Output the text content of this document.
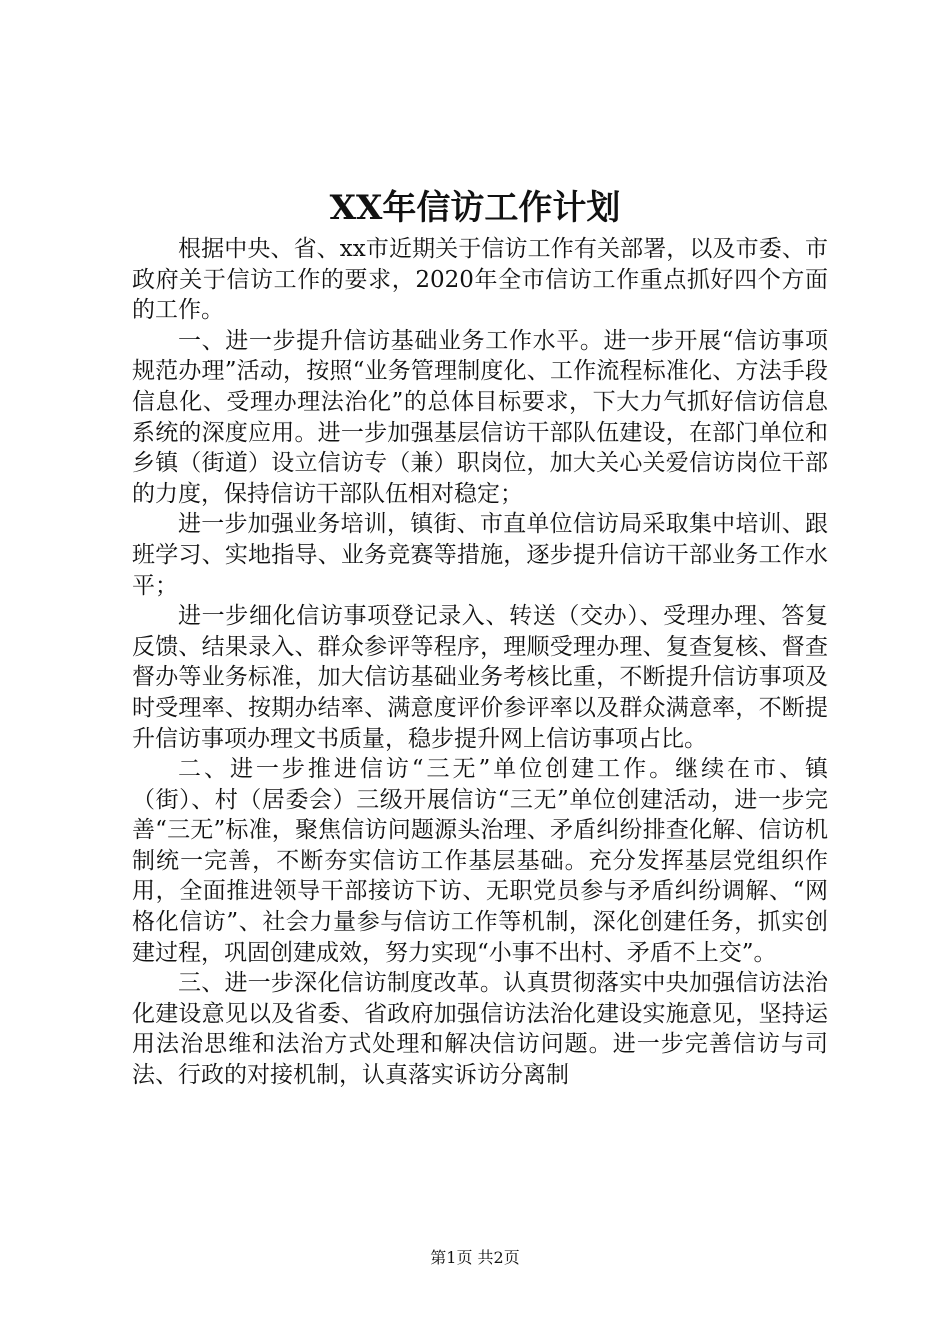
XX年信访工作计划

根据中央、省、xx市近期关于信访工作有关部署，以及市委、市政府关于信访工作的要求，2020年全市信访工作重点抓好四个方面的工作。

一、进一步提升信访基础业务工作水平。进一步开展“信访事项规范办理”活动，按照“业务管理制度化、工作流程标准化、方法手段信息化、受理办理法治化”的总体目标要求，下大力气抓好信访信息系统的深度应用。进一步加强基层信访干部队伍建设，在部门单位和乡镇（街道）设立信访专（兼）职岗位，加大关心关爱信访岗位干部的力度，保持信访干部队伍相对稳定；

进一步加强业务培训，镇街、市直单位信访局采取集中培训、跟班学习、实地指导、业务竞赛等措施，逐步提升信访干部业务工作水平；

进一步细化信访事项登记录入、转送（交办）、受理办理、答复反馈、结果录入、群众参评等程序，理顺受理办理、复查复核、督查督办等业务标准，加大信访基础业务考核比重，不断提升信访事项及时受理率、按期办结率、满意度评价参评率以及群众满意率，不断提升信访事项办理文书质量，稳步提升网上信访事项占比。

二、进一步推进信访“三无”单位创建工作。继续在市、镇（街）、村（居委会）三级开展信访“三无”单位创建活动，进一步完善“三无”标准，聚焦信访问题源头治理、矛盾纠纷排查化解、信访机制统一完善，不断夯实信访工作基层基础。充分发挥基层党组织作用，全面推进领导干部接访下访、无职党员参与矛盾纠纷调解、“网格化信访”、社会力量参与信访工作等机制，深化创建任务，抓实创建过程，巩固创建成效，努力实现“小事不出村、矛盾不上交”。

三、进一步深化信访制度改革。认真贯彻落实中央加强信访法治化建设意见以及省委、省政府加强信访法治化建设实施意见，坚持运用法治思维和法治方式处理和解决信访问题。进一步完善信访与司法、行政的对接机制，认真落实诉访分离制

第1页 共2页
